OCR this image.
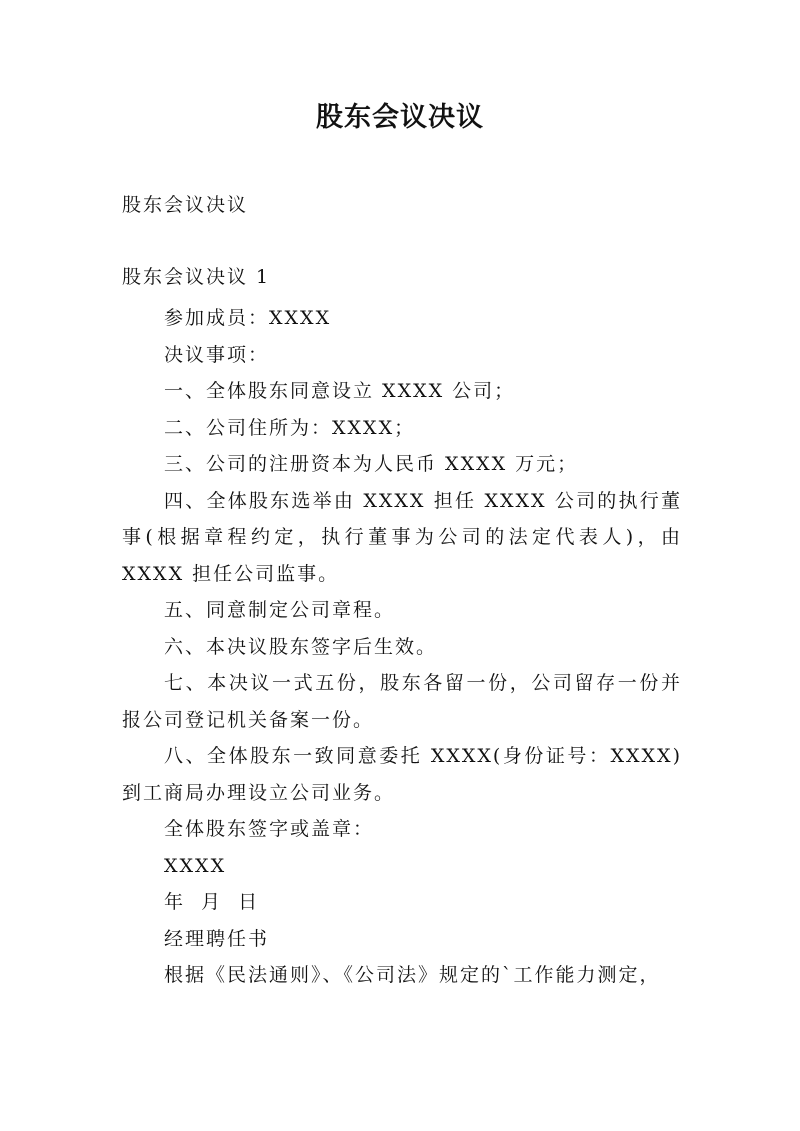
股东会议决议
股东会议决议
股东会议决议 1

参加成员：XXXX

决议事项：

一、全体股东同意设立 XXXX 公司；

二、公司住所为：XXXX；

三、公司的注册资本为人民币 XXXX 万元；

四、全体股东选举由 XXXX 担任 XXXX 公司的执行董事(根据章程约定，执行董事为公司的法定代表人)，由 XXXX 担任公司监事。

五、同意制定公司章程。

六、本决议股东签字后生效。

七、本决议一式五份，股东各留一份，公司留存一份并报公司登记机关备案一份。

八、全体股东一致同意委托 XXXX(身份证号：XXXX)到工商局办理设立公司业务。

全体股东签字或盖章：

XXXX

年  月  日

经理聘任书

根据《民法通则》、《公司法》规定的`工作能力测定，
